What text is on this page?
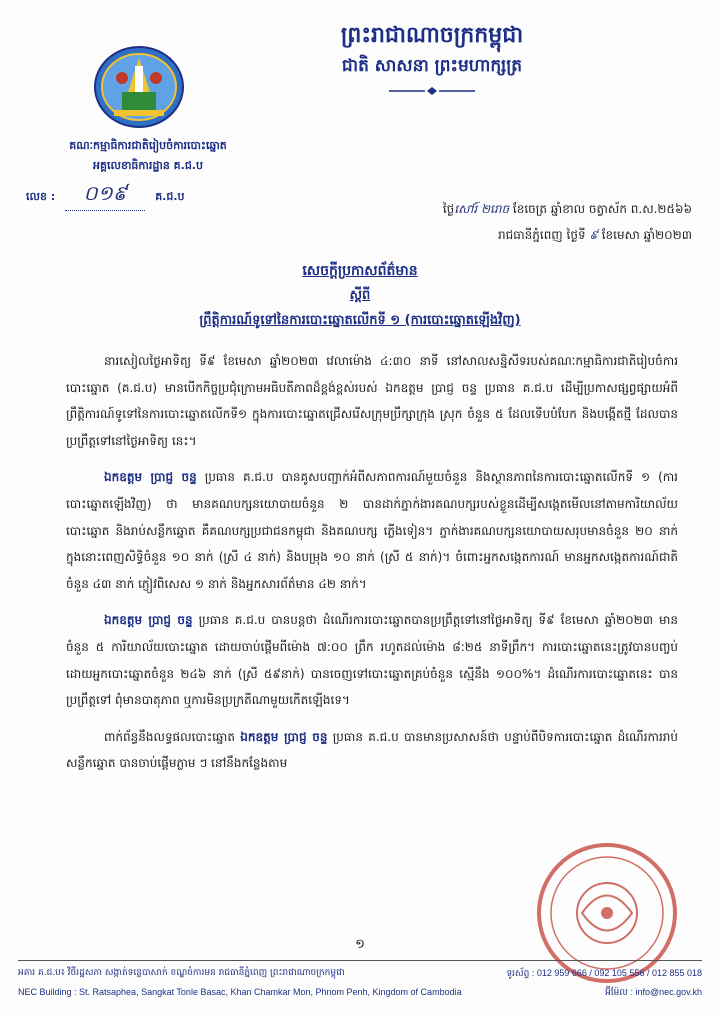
ព្រះរាជាណាចក្រកម្ពុជា
ជាតិ សាសនា ព្រះមហាក្សត្រ
គណៈកម្មាធិការជាតិរៀបចំការបោះឆ្នោត
អគ្គលេខាធិការដ្ឋាន គ.ជ.ប
លេខ :	០១៩	គ.ជ.ប
ថ្ងៃសៅរ៍ ២រោច ខែចេត្រ ឆ្នាំខាល ចត្វាស័ក ព.ស.២៥៦៦
រាជធានីភ្នំពេញ ថ្ងៃទី ៩ ខែមេសា ឆ្នាំ២០២៣
សេចក្តីប្រកាសព័ត៌មាន
ស្តីពី
ព្រឹត្តិការណ៍ទូទៅនៃការបោះឆ្នោតលើកទី ១ (ការបោះឆ្នោតឡើងវិញ)

នារសៀលថ្ងៃអាទិត្យ ទី៩ ខែមេសា ឆ្នាំ២០២៣ វេលាម៉ោង ៤:៣០ នាទី នៅសាលសន្និសីទរបស់គណៈកម្មាធិការជាតិរៀបចំការបោះឆ្នោត (គ.ជ.ប) មានបើកកិច្ចប្រជុំក្រោមអធិបតីភាពដ៏ខ្ពង់ខ្ពស់របស់ ឯកឧត្តម ប្រាជ្ញ ចន្ទ ប្រធាន គ.ជ.ប ដើម្បីប្រកាសផ្សព្វផ្សាយអំពីព្រឹត្តិការណ៍ទូទៅនៃការបោះឆ្នោតលើកទី១ ក្នុងការបោះឆ្នោតជ្រើសរើសក្រុមប្រឹក្សាក្រុង ស្រុក ចំនួន ៥ ដែលទើបបំបែក និងបង្កើតថ្មី ដែលបានប្រព្រឹត្តទៅនៅថ្ងៃអាទិត្យ នេះ។

ឯកឧត្តម ប្រាជ្ញ ចន្ទ ប្រធាន គ.ជ.ប បានគូសបញ្ជាក់អំពីសភាពការណ៍មួយចំនួន និងស្ថានភាពនៃការបោះឆ្នោតលើកទី ១ (ការបោះឆ្នោតឡើងវិញ) ថា មានគណបក្សនយោបាយចំនួន ២ បានដាក់ភ្នាក់ងារគណបក្សរបស់ខ្លួនដើម្បីសង្កេតមើលនៅតាមការិយាល័យបោះឆ្នោត និងរាប់សន្លឹកឆ្នោត គឺគណបក្សប្រជាជនកម្ពុជា និងគណបក្ស ភ្លើងទៀន។ ភ្នាក់ងារគណបក្សនយោបាយសរុបមានចំនួន ២០ នាក់ ក្នុងនោះពេញសិទ្ធិចំនួន ១០ នាក់ (ស្រី ៤ នាក់) និងបម្រុង ១០ នាក់ (ស្រី ៥ នាក់)។ ចំពោះអ្នកសង្កេតការណ៍ មានអ្នកសង្កេតការណ៍ជាតិ ចំនួន ៤៣ នាក់ ភ្ញៀវពិសេស ១ នាក់ និងអ្នកសារព័ត៌មាន ៤២ នាក់។

ឯកឧត្តម ប្រាជ្ញ ចន្ទ ប្រធាន គ.ជ.ប បានបន្តថា ដំណើរការបោះឆ្នោតបានប្រព្រឹត្តទៅនៅថ្ងៃអាទិត្យ ទី៩ ខែមេសា ឆ្នាំ២០២៣ មានចំនួន ៥ ការិយាល័យបោះឆ្នោត ដោយចាប់ផ្តើមពីម៉ោង ៧:០០ ព្រឹក រហូតដល់ម៉ោង ៨:២៥ នាទីព្រឹក។ ការបោះឆ្នោតនេះត្រូវបានបញ្ចប់ ដោយអ្នកបោះឆ្នោតចំនួន ២៤៦ នាក់ (ស្រី ៥៩នាក់) បានចេញទៅបោះឆ្នោតគ្រប់ចំនួន ស្មើនឹង ១០០%។ ដំណើរការបោះឆ្នោតនេះ បានប្រព្រឹត្តទៅ ពុំមានបាតុភាព ឬការមិនប្រក្រតីណាមួយកើតឡើងទេ។

ពាក់ព័ន្ធនឹងលទ្ធផលបោះឆ្នោត ឯកឧត្តម ប្រាជ្ញ ចន្ទ ប្រធាន គ.ជ.ប បានមានប្រសាសន៍ថា បន្ទាប់ពីបិទការបោះឆ្នោត ដំណើរការរាប់សន្លឹកឆ្នោត បានចាប់ផ្តើមភ្លាម ៗ នៅនឹងកន្លែងតាម

១
អគារ គ.ជ.ប៖ វិថីរដ្ឋសភា សង្កាត់ទន្លេបាសាក់ ខណ្ឌចំការមន រាជធានីភ្នំពេញ ព្រះរាជាណាចក្រកម្ពុជា	ទូរស័ព្ទ : 012 959 666 / 092 105 556 / 012 855 018
NEC Building : St. Ratsaphea, Sangkat Tonle Basac, Khan Chamkar Mon, Phnom Penh, Kingdom of Cambodia	អ៊ីម៉ែល : info@nec.gov.kh
